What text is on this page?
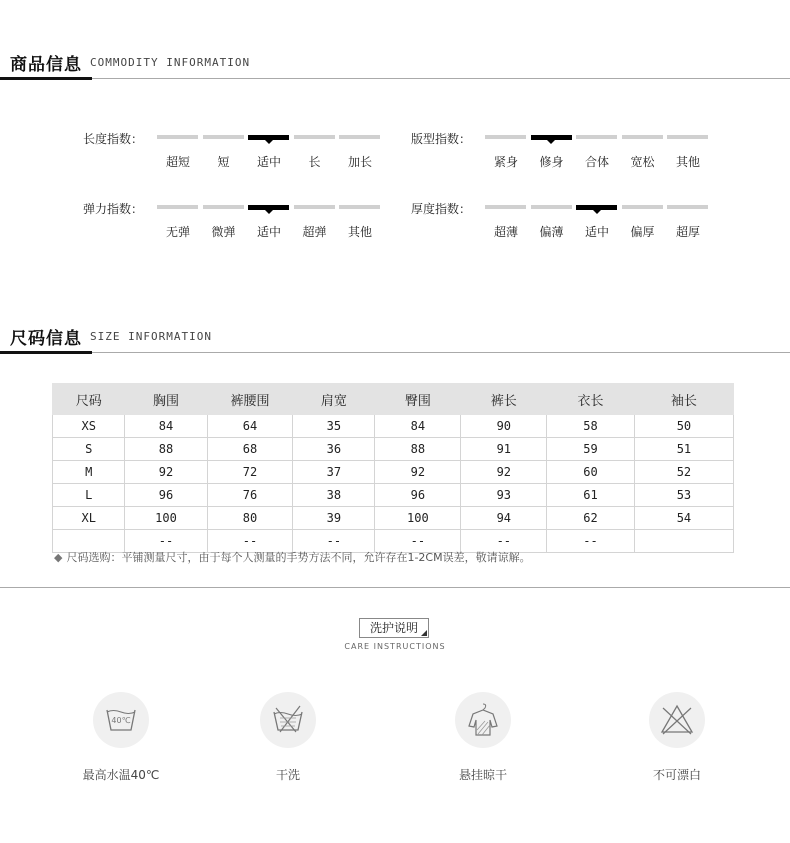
商品信息 COMMODITY INFORMATION
长度指数：
超短	短	适中	长	加长
版型指数：
紧身	修身	合体	宽松	其他
弹力指数：
无弹	微弹	适中	超弹	其他
厚度指数：
超薄	偏薄	适中	偏厚	超厚
尺码信息 SIZE INFORMATION
尺码	胸围	裤腰围	肩宽	臀围	裤长	衣长	袖长
XS	84	64	35	84	90	58	50
S	88	68	36	88	91	59	51
M	92	72	37	92	92	60	52
L	96	76	38	96	93	61	53
XL	100	80	39	100	94	62	54
	--	--	--	--	--	--	
◆ 尺码选购：平铺测量尺寸，由于每个人测量的手势方法不同，允许存在1-2CM误差，敬请谅解。
洗护说明
CARE INSTRUCTIONS
40℃
最高水温40℃	干洗	悬挂晾干	不可漂白
